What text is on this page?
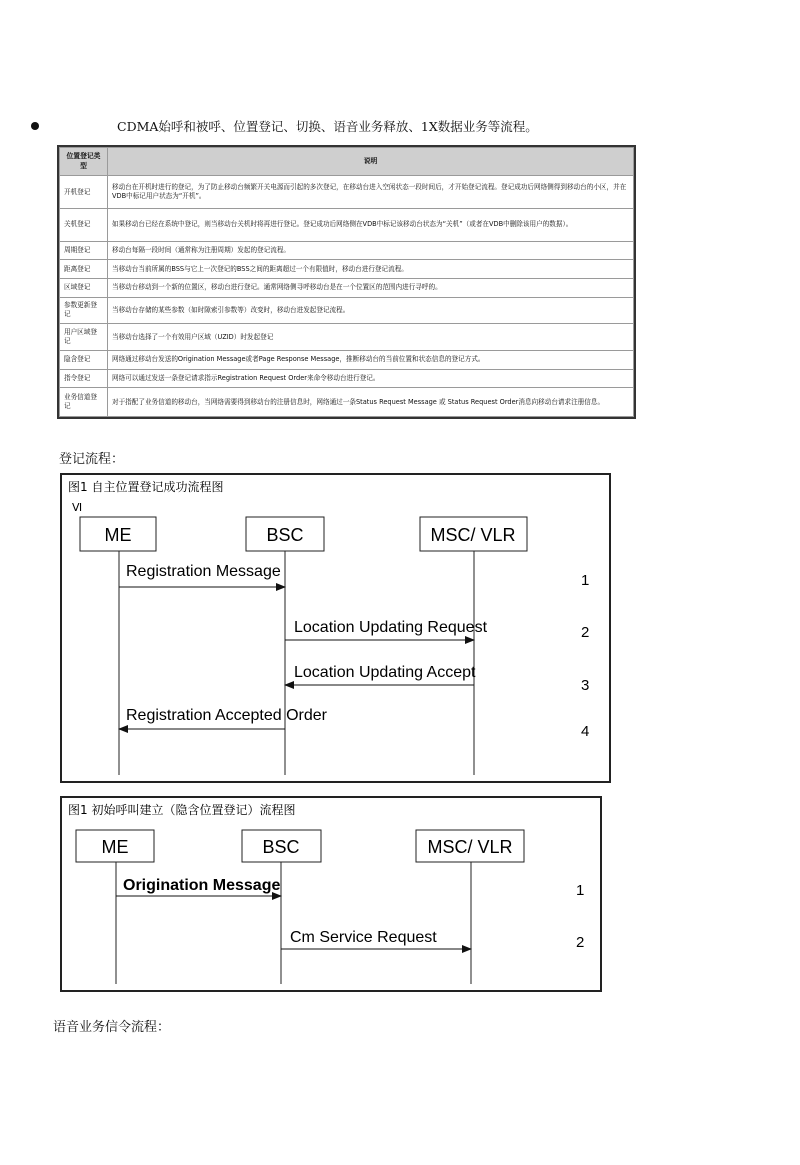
CDMA始呼和被呼、位置登记、切换、语音业务释放、1X数据业务等流程。
位置登记类型	说明
开机登记	移动台在开机时进行的登记，为了防止移动台频繁开关电源而引起的多次登记，在移动台进入空闲状态一段时间后，才开始登记流程。登记成功后网络侧得到移动台的小区，并在VDB中标记用户状态为“开机”。
关机登记	如果移动台已经在系统中登记，则当移动台关机时将再进行登记。登记成功后网络侧在VDB中标记该移动台状态为“关机”（或者在VDB中删除该用户的数据）。
周期登记	移动台每隔一段时间（通常称为注册周期）发起的登记流程。
距离登记	当移动台当前所属的BSS与它上一次登记的BSS之间的距离超过一个有限值时，移动台进行登记流程。
区域登记	当移动台移动到一个新的位置区，移动台进行登记。通常网络侧寻呼移动台是在一个位置区的范围内进行寻呼的。
参数更新登记	当移动台存储的某些参数（如时隙索引参数等）改变时，移动台进发起登记流程。
用户区域登记	当移动台选择了一个有效用户区域（UZID）时发起登记
隐含登记	网络通过移动台发送的Origination Message或者Page Response Message，推断移动台的当前位置和状态信息的登记方式。
指令登记	网络可以通过发送一条登记请求指示Registration Request Order来命令移动台进行登记。
业务信道登记	对于指配了业务信道的移动台，当网络需要得到移动台的注册信息时，网络通过一条Status Request Message 或 Status Request Order消息向移动台请求注册信息。
登记流程：
图1 自主位置登记成功流程图
Ⅵ
ME	BSC	MSC/ VLR
Registration Message
1
Location Updating Request	2
Location Updating Accept
3
Registration Accepted Order
4
图1 初始呼叫建立（隐含位置登记）流程图
ME	BSC	MSC/ VLR
Origination Message	1
Cm Service Request	2
语音业务信令流程：
